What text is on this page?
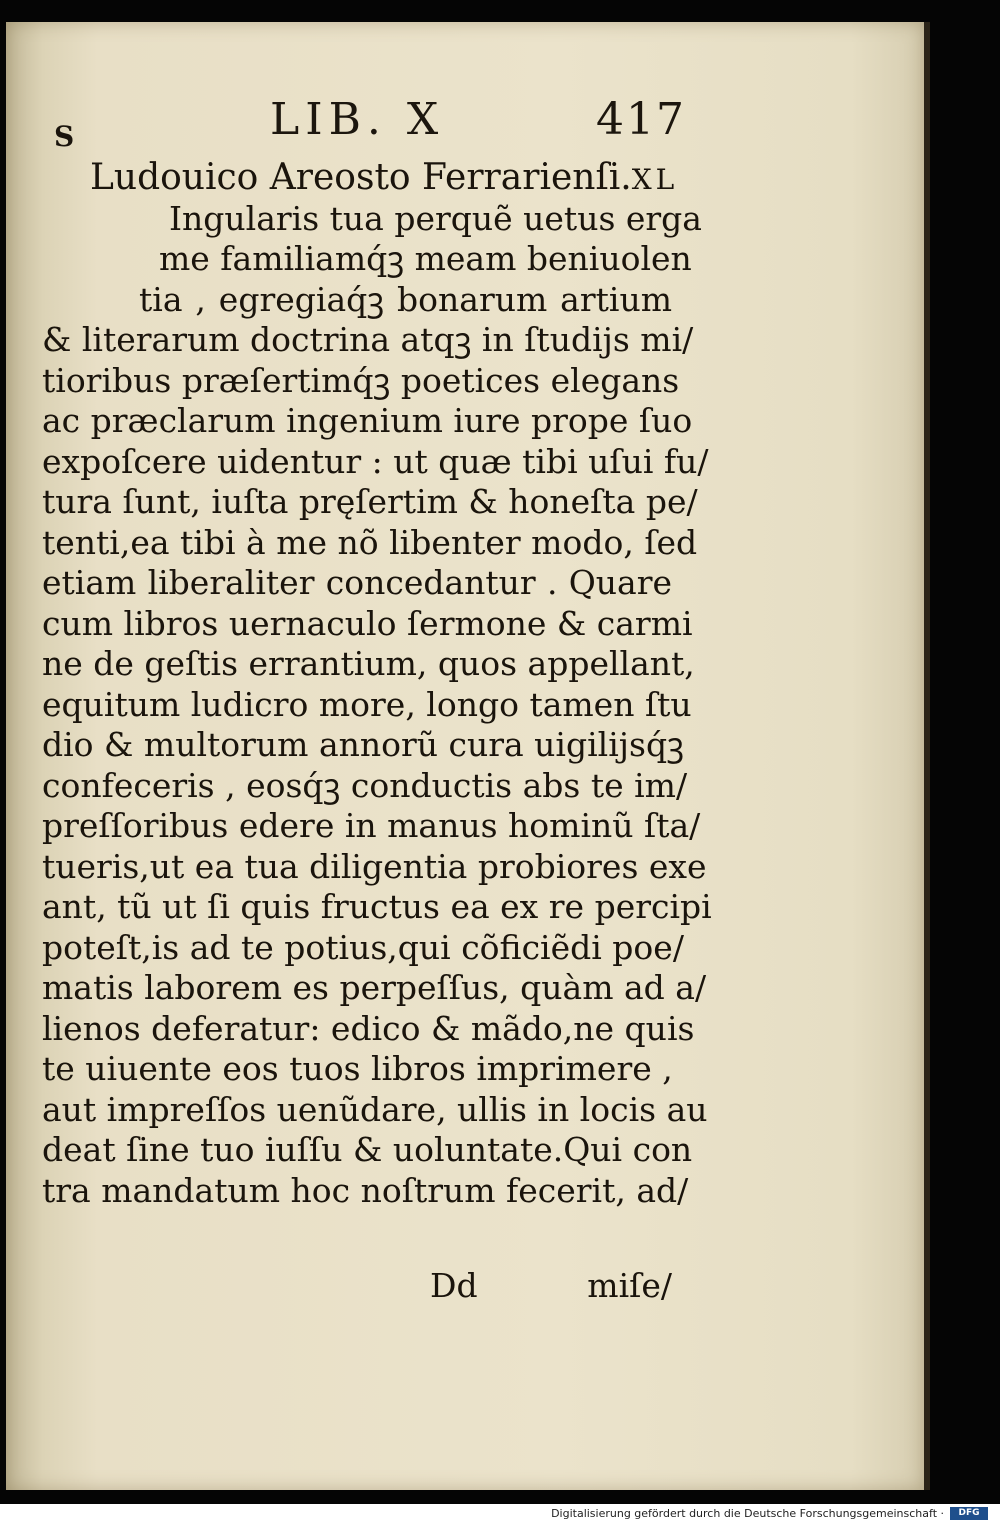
LIB. X	417
S
Ludouico Areosto Ferrarienſi. XL
Ingularis tua perquẽ uetus erga
me familiamq́ꝫ meam beniuolen
tia , egregiaq́ꝫ bonarum artium
& literarum doctrina atqꝫ in ſtudijs mi/
tioribus præſertimq́ꝫ poetices elegans
ac præclarum ingenium iure prope ſuo
expoſcere uidentur : ut quæ tibi uſui fu/
tura ſunt, iuſta pręſertim & honeſta pe/
tenti,ea tibi à me nõ libenter modo, ſed
etiam liberaliter concedantur . Quare
cum libros uernaculo ſermone & carmi
ne de geſtis errantium, quos appellant,
equitum ludicro more, longo tamen ſtu
dio & multorum annorũ cura uigilijsq́ꝫ
confeceris , eosq́ꝫ conductis abs te im/
preſſoribus edere in manus hominũ ſta/
tueris,ut ea tua diligentia probiores exe
ant, tũ ut ſi quis fructus ea ex re percipi
poteſt,is ad te potius,qui cõficiẽdi poe/
matis laborem es perpeſſus, quàm ad a/
lienos deferatur: edico & mãdo,ne quis
te uiuente eos tuos libros imprimere ,
aut impreſſos uenũdare, ullis in locis au
deat ſine tuo iuſſu & uoluntate.Qui con
tra mandatum hoc noſtrum fecerit, ad/
Dd	miſe/
Digitalisierung gefördert durch die Deutsche Forschungsgemeinschaft ·	DFG
